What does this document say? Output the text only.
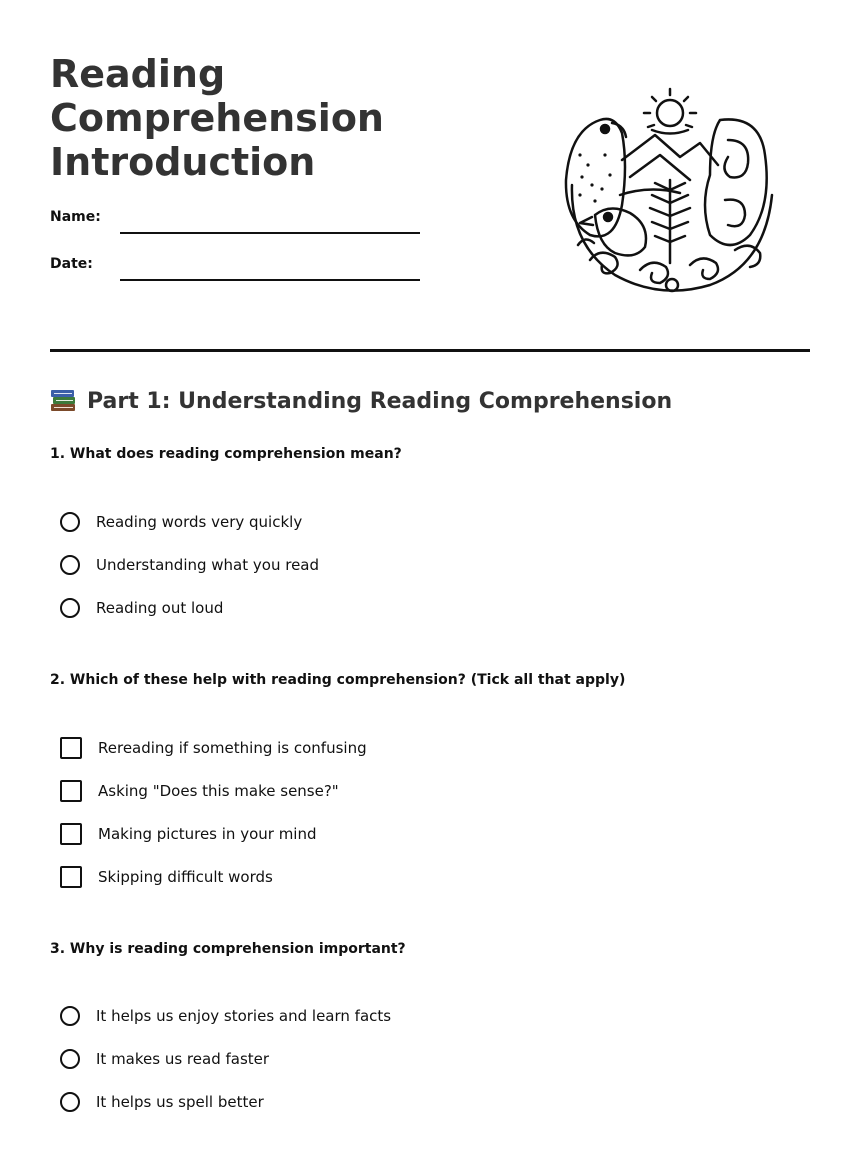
Reading
Comprehension
Introduction
Name:
Date:
Part 1: Understanding Reading Comprehension
1. What does reading comprehension mean?
Reading words very quickly
Understanding what you read
Reading out loud
2. Which of these help with reading comprehension? (Tick all that apply)
Rereading if something is confusing
Asking "Does this make sense?"
Making pictures in your mind
Skipping difficult words
3. Why is reading comprehension important?
It helps us enjoy stories and learn facts
It makes us read faster
It helps us spell better
